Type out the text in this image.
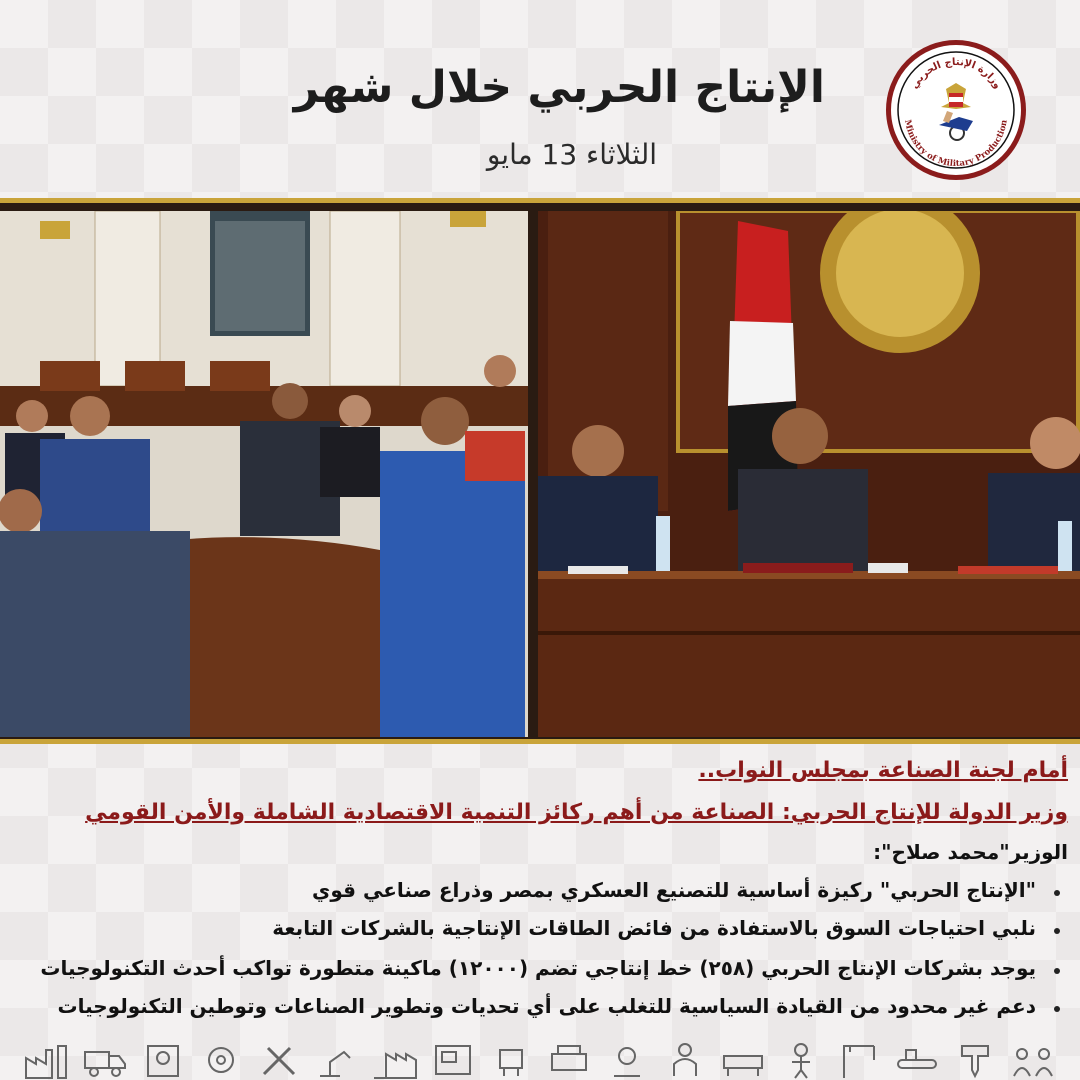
الإنتاج الحربي خلال شهر
الثلاثاء 13 مايو
وزارة الإنتاج الحربي
Ministry of Military Production
أمام لجنة الصناعة بمجلس النواب..
وزير الدولة للإنتاج الحربي: الصناعة من أهم ركائز التنمية الاقتصادية الشاملة والأمن القومي
الوزير"محمد صلاح":
"الإنتاج الحربي" ركيزة أساسية للتصنيع العسكري بمصر وذراع صناعي قوي
نلبي احتياجات السوق بالاستفادة من فائض الطاقات الإنتاجية بالشركات التابعة
يوجد بشركات الإنتاج الحربي (٢٥٨) خط إنتاجي تضم (١٢٠٠٠) ماكينة متطورة تواكب أحدث التكنولوجيات
دعم غير محدود من القيادة السياسية للتغلب على أي تحديات وتطوير الصناعات وتوطين التكنولوجيات
